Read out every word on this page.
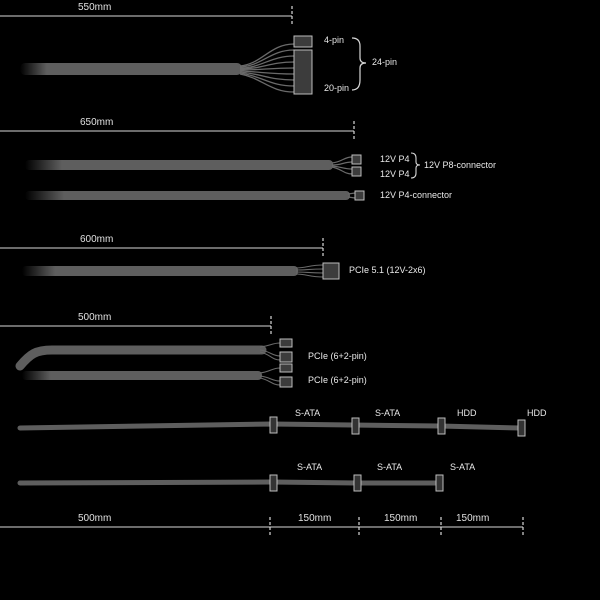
550mm
4-pin
24-pin
20-pin
650mm
12V P4
12V P4
12V P8-connector
12V P4-connector
600mm
PCIe 5.1 (12V-2x6)
500mm
PCIe (6+2-pin)
PCIe (6+2-pin)
S-ATA	S-ATA	HDD	HDD
S-ATA	S-ATA	S-ATA
500mm	150mm	150mm	150mm
